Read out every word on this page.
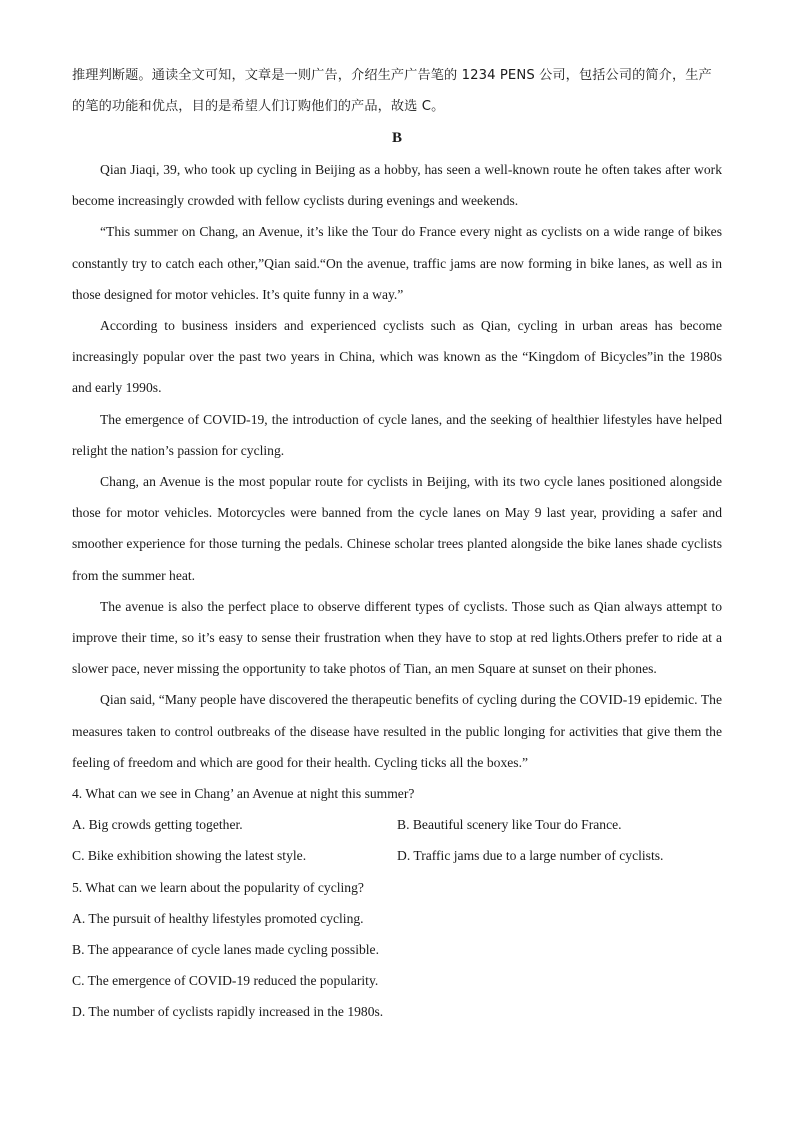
推理判断题。通读全文可知，文章是一则广告，介绍生产广告笔的 1234 PENS 公司，包括公司的简介，生产的笔的功能和优点，目的是希望人们订购他们的产品，故选 C。

B

Qian Jiaqi, 39, who took up cycling in Beijing as a hobby, has seen a well-known route he often takes after work become increasingly crowded with fellow cyclists during evenings and weekends.

“This summer on Chang, an Avenue, it’s like the Tour do France every night as cyclists on a wide range of bikes constantly try to catch each other,”Qian said.“On the avenue, traffic jams are now forming in bike lanes, as well as in those designed for motor vehicles. It’s quite funny in a way.”

According to business insiders and experienced cyclists such as Qian, cycling in urban areas has become increasingly popular over the past two years in China, which was known as the “Kingdom of Bicycles”in the 1980s and early 1990s.

The emergence of COVID-19, the introduction of cycle lanes, and the seeking of healthier lifestyles have helped relight the nation’s passion for cycling.

Chang, an Avenue is the most popular route for cyclists in Beijing, with its two cycle lanes positioned alongside those for motor vehicles. Motorcycles were banned from the cycle lanes on May 9 last year, providing a safer and smoother experience for those turning the pedals. Chinese scholar trees planted alongside the bike lanes shade cyclists from the summer heat.

The avenue is also the perfect place to observe different types of cyclists. Those such as Qian always attempt to improve their time, so it’s easy to sense their frustration when they have to stop at red lights.Others prefer to ride at a slower pace, never missing the opportunity to take photos of Tian, an men Square at sunset on their phones.

Qian said, “Many people have discovered the therapeutic benefits of cycling during the COVID-19 epidemic. The measures taken to control outbreaks of the disease have resulted in the public longing for activities that give them the feeling of freedom and which are good for their health. Cycling ticks all the boxes.”

4. What can we see in Chang’ an Avenue at night this summer?

A. Big crowds getting together.	B. Beautiful scenery like Tour do France.

C. Bike exhibition showing the latest style.	D. Traffic jams due to a large number of cyclists.

5. What can we learn about the popularity of cycling?

A. The pursuit of healthy lifestyles promoted cycling.

B. The appearance of cycle lanes made cycling possible.

C. The emergence of COVID-19 reduced the popularity.

D. The number of cyclists rapidly increased in the 1980s.
